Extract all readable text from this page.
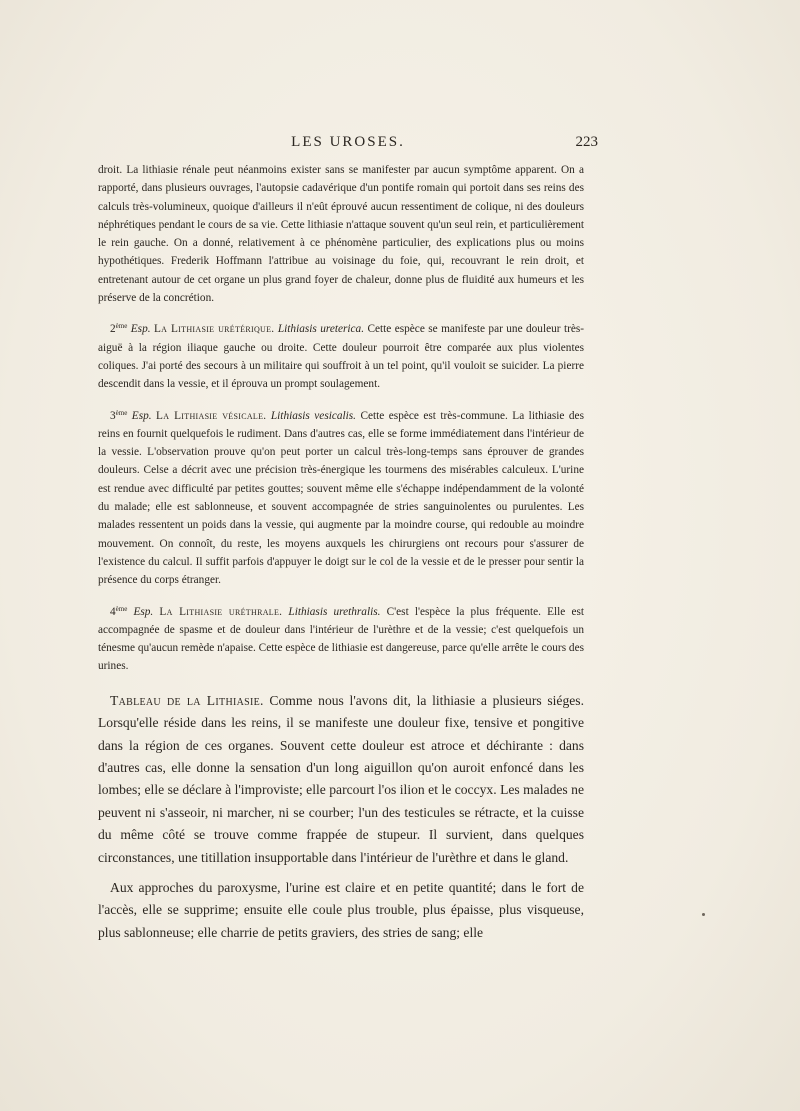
LES UROSES.	223

droit. La lithiasie rénale peut néanmoins exister sans se manifester par aucun symptôme apparent. On a rapporté, dans plusieurs ouvrages, l'autopsie cadavérique d'un pontife romain qui portoit dans ses reins des calculs très-volumineux, quoique d'ailleurs il n'eût éprouvé aucun ressentiment de colique, ni des douleurs néphrétiques pendant le cours de sa vie. Cette lithiasie n'attaque souvent qu'un seul rein, et particulièrement le rein gauche. On a donné, relativement à ce phénomène particulier, des explications plus ou moins hypothétiques. Frederik Hoffmann l'attribue au voisinage du foie, qui, recouvrant le rein droit, et entretenant autour de cet organe un plus grand foyer de chaleur, donne plus de fluidité aux humeurs et les préserve de la concrétion.

2ème Esp. La Lithiasie urétérique. Lithiasis ureterica. Cette espèce se manifeste par une douleur très-aiguë à la région iliaque gauche ou droite. Cette douleur pourroit être comparée aux plus violentes coliques. J'ai porté des secours à un militaire qui souffroit à un tel point, qu'il vouloit se suicider. La pierre descendit dans la vessie, et il éprouva un prompt soulagement.

3ème Esp. La Lithiasie vésicale. Lithiasis vesicalis. Cette espèce est très-commune. La lithiasie des reins en fournit quelquefois le rudiment. Dans d'autres cas, elle se forme immédiatement dans l'intérieur de la vessie. L'observation prouve qu'on peut porter un calcul très-long-temps sans éprouver de grandes douleurs. Celse a décrit avec une précision très-énergique les tourmens des misérables calculeux. L'urine est rendue avec difficulté par petites gouttes; souvent même elle s'échappe indépendamment de la volonté du malade; elle est sablonneuse, et souvent accompagnée de stries sanguinolentes ou purulentes. Les malades ressentent un poids dans la vessie, qui augmente par la moindre course, qui redouble au moindre mouvement. On connoît, du reste, les moyens auxquels les chirurgiens ont recours pour s'assurer de l'existence du calcul. Il suffit parfois d'appuyer le doigt sur le col de la vessie et de le presser pour sentir la présence du corps étranger.

4ème Esp. La Lithiasie uréthrale. Lithiasis urethralis. C'est l'espèce la plus fréquente. Elle est accompagnée de spasme et de douleur dans l'intérieur de l'urèthre et de la vessie; c'est quelquefois un ténesme qu'aucun remède n'apaise. Cette espèce de lithiasie est dangereuse, parce qu'elle arrête le cours des urines.

Tableau de la Lithiasie. Comme nous l'avons dit, la lithiasie a plusieurs siéges. Lorsqu'elle réside dans les reins, il se manifeste une douleur fixe, tensive et pongitive dans la région de ces organes. Souvent cette douleur est atroce et déchirante : dans d'autres cas, elle donne la sensation d'un long aiguillon qu'on auroit enfoncé dans les lombes; elle se déclare à l'improviste; elle parcourt l'os ilion et le coccyx. Les malades ne peuvent ni s'asseoir, ni marcher, ni se courber; l'un des testicules se rétracte, et la cuisse du même côté se trouve comme frappée de stupeur. Il survient, dans quelques circonstances, une titillation insupportable dans l'intérieur de l'urèthre et dans le gland.

Aux approches du paroxysme, l'urine est claire et en petite quantité; dans le fort de l'accès, elle se supprime; ensuite elle coule plus trouble, plus épaisse, plus visqueuse, plus sablonneuse; elle charrie de petits graviers, des stries de sang; elle
